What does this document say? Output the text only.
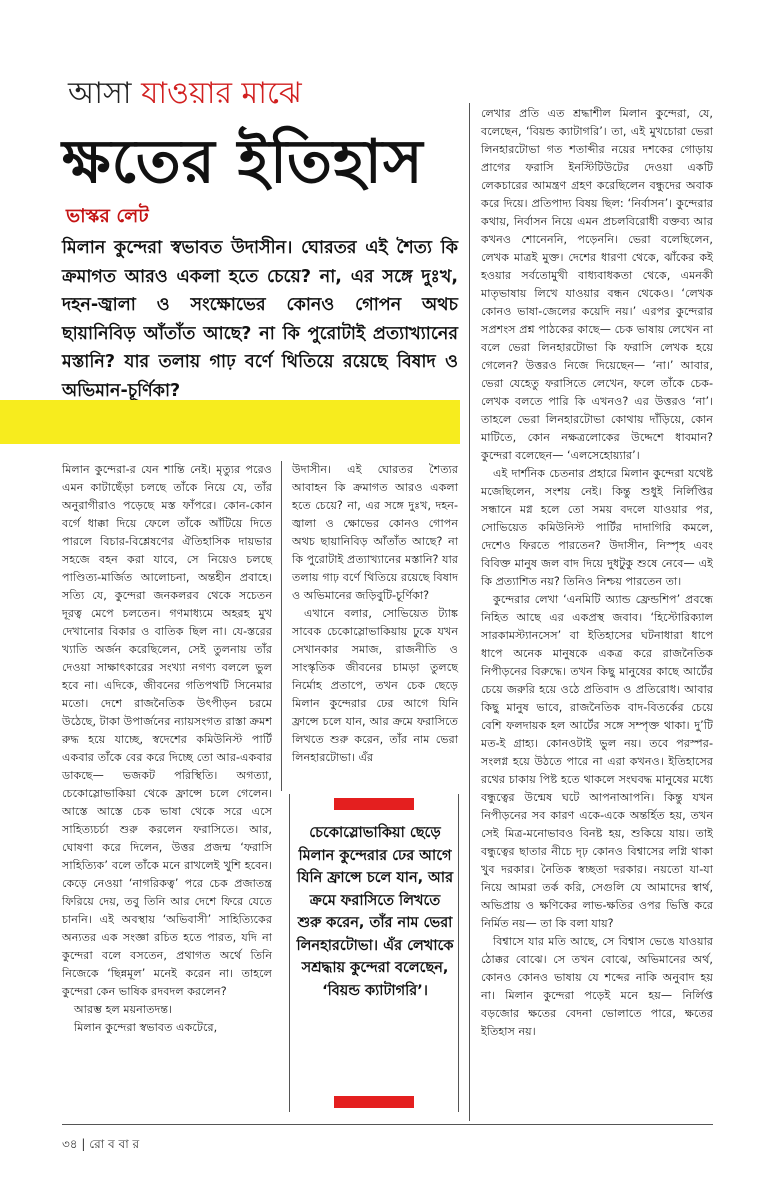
আসা যাওয়ার মাঝে
ক্ষতের ইতিহাস
ভাস্কর লেট
মিলান কুন্দেরা স্বভাবত উদাসীন। ঘোরতর এই শৈত্য কি ক্রমাগত আরও একলা হতে চেয়ে? না, এর সঙ্গে দুঃখ, দহন-জ্বালা ও সংক্ষোভের কোনও গোপন অথচ ছায়ানিবিড় আঁতাঁত আছে? না কি পুরোটাই প্রত্যাখ্যানের মস্তানি? যার তলায় গাঢ় বর্ণে থিতিয়ে রয়েছে বিষাদ ও অভিমান-চূর্ণিকা?

মিলান কুন্দেরা-র যেন শান্তি নেই। মৃত্যুর পরেও এমন কাটাছেঁড়া চলছে তাঁকে নিয়ে যে, তাঁর অনুরাগীরাও পড়েছে মস্ত ফাঁপরে। কোন-কোন বর্গে ধাক্কা দিয়ে ফেলে তাঁকে আঁটিয়ে দিতে পারলে বিচার-বিশ্লেষণের ঐতিহাসিক দায়ভার সহজে বহন করা যাবে, সে নিয়েও চলছে পাণ্ডিত্য-মার্জিত আলোচনা, অন্তহীন প্রবাহে। সত্যি যে, কুন্দেরা জনকলরব থেকে সচেতন দূরত্ব মেপে চলতেন। গণমাধ্যমে অহরহ মুখ দেখানোর বিকার ও বাতিক ছিল না। যে-স্তরের খ্যাতি অর্জন করেছিলেন, সেই তুলনায় তাঁর দেওয়া সাক্ষাৎকারের সংখ্যা নগণ্য বললে ভুল হবে না। এদিকে, জীবনের গতিপথটি সিনেমার মতো। দেশে রাজনৈতিক উৎপীড়ন চরমে উঠেছে, টাকা উপার্জনের ন্যায়সংগত রাস্তা ক্রমশ রুদ্ধ হয়ে যাচ্ছে, স্বদেশের কমিউনিস্ট পার্টি একবার তাঁকে বের করে দিচ্ছে তো আর-একবার ডাকছে— ভজকট পরিস্থিতি। অগত্যা, চেকোস্লোভাকিয়া থেকে ফ্রান্সে চলে গেলেন। আস্তে আস্তে চেক ভাষা থেকে সরে এসে সাহিত্যচর্চা শুরু করলেন ফরাসিতে। আর, ঘোষণা করে দিলেন, উত্তর প্রজন্ম ‘ফরাসি সাহিত্যিক’ বলে তাঁকে মনে রাখলেই খুশি হবেন। কেড়ে নেওয়া ‘নাগরিকত্ব’ পরে চেক প্রজাতন্ত্র ফিরিয়ে দেয়, তবু তিনি আর দেশে ফিরে যেতে চাননি। এই অবস্থায় ‘অভিবাসী’ সাহিত্যিকের অন্যতর এক সংজ্ঞা রচিত হতে পারত, যদি না কুন্দেরা বলে বসতেন, প্রথাগত অর্থে তিনি নিজেকে ‘ছিন্নমূল’ মনেই করেন না। তাহলে কুন্দেরা কেন ভাষিক রদবদল করলেন?

আরম্ভ হল ময়নাতদন্ত।

মিলান কুন্দেরা স্বভাবত একটেরে,

উদাসীন। এই ঘোরতর শৈত্যর আবাহন কি ক্রমাগত আরও একলা হতে চেয়ে? না, এর সঙ্গে দুঃখ, দহন-জ্বালা ও ক্ষোভের কোনও গোপন অথচ ছায়ানিবিড় আঁতাঁত আছে? না কি পুরোটাই প্রত্যাখ্যানের মস্তানি? যার তলায় গাঢ় বর্ণে থিতিয়ে রয়েছে বিষাদ ও অভিমানের জড়িবুটি-চূর্ণিকা?

এখানে বলার, সোভিয়েত ট্যাঙ্ক সাবেক চেকোস্লোভাকিয়ায় ঢুকে যখন সেখানকার সমাজ, রাজনীতি ও সাংস্কৃতিক জীবনের চামড়া তুলছে নির্মোহ প্রতাপে, তখন চেক ছেড়ে মিলান কুন্দেরার ঢের আগে যিনি ফ্রান্সে চলে যান, আর ক্রমে ফরাসিতে লিখতে শুরু করেন, তাঁর নাম ভেরা লিনহারটোভা। এঁর

চেকোস্লোভাকিয়া ছেড়ে মিলান কুন্দেরার ঢের আগে যিনি ফ্রান্সে চলে যান, আর ক্রমে ফরাসিতে লিখতে শুরু করেন, তাঁর নাম ভেরা লিনহারটোভা। এঁর লেখাকে সশ্রদ্ধায় কুন্দেরা বলেছেন, ‘বিয়ন্ড ক্যাটাগরি’।

লেখার প্রতি এত শ্রদ্ধাশীল মিলান কুন্দেরা, যে, বলেছেন, ‘বিয়ন্ড ক্যাটাগরি’। তা, এই মুখচোরা ভেরা লিনহারটোভা গত শতাব্দীর নয়ের দশকের গোড়ায় প্রাগের ফরাসি ইনস্টিটিউটের দেওয়া একটি লেকচারের আমন্ত্রণ গ্রহণ করেছিলেন বন্ধুদের অবাক করে দিয়ে। প্রতিপাদ্য বিষয় ছিল: ‘নির্বাসন’। কুন্দেরার কথায়, নির্বাসন নিয়ে এমন প্রচলবিরোধী বক্তব্য আর কখনও শোনেননি, পড়েননি। ভেরা বলেছিলেন, লেখক মাত্রই মুক্ত। দেশের ধারণা থেকে, ঝাঁকের কই হওয়ার সর্বতোমুখী বাধ্যবাধকতা থেকে, এমনকী মাতৃভাষায় লিখে যাওয়ার বন্ধন থেকেও। ‘লেখক কোনও ভাষা-জেলের কয়েদি নয়।’ এরপর কুন্দেরার সপ্রশংস প্রশ্ন পাঠকের কাছে— চেক ভাষায় লেখেন না বলে ভেরা লিনহারটোভা কি ফরাসি লেখক হয়ে গেলেন? উত্তরও নিজে দিয়েছেন— ‘না।’ আবার, ভেরা যেহেতু ফরাসিতে লেখেন, ফলে তাঁকে চেক-লেখক বলতে পারি কি এখনও? এর উত্তরও ‘না’। তাহলে ভেরা লিনহারটোভা কোথায় দাঁড়িয়ে, কোন মাটিতে, কোন নক্ষত্রলোকের উদ্দেশে ধাবমান? কুন্দেরা বলেছেন— ‘এলসেহোয়্যার’।

এই দার্শনিক চেতনার প্রহারে মিলান কুন্দেরা যথেষ্ট মজেছিলেন, সংশয় নেই। কিন্তু শুধুই নির্লিপ্তির সন্ধানে মগ্ন হলে তো সময় বদলে যাওয়ার পর, সোভিয়েত কমিউনিস্ট পার্টির দাদাগিরি কমলে, দেশেও ফিরতে পারতেন? উদাসীন, নিস্পৃহ এবং বিবিক্ত মানুষ জল বাদ দিয়ে দুধটুকু শুষে নেবে— এই কি প্রত্যাশিত নয়? তিনিও নিশ্চয় পারতেন তা।

কুন্দেরার লেখা ‘এনমিটি অ্যান্ড ফ্রেন্ডশিপ’ প্রবন্ধে নিহিত আছে এর একপ্রস্থ জবাব। ‘হিস্টোরিক্যাল সারকামস্ট্যানসেস’ বা ইতিহাসের ঘটনাধারা ধাপে ধাপে অনেক মানুষকে একত্র করে রাজনৈতিক নিপীড়নের বিরুদ্ধে। তখন কিছু মানুষের কাছে আর্টের চেয়ে জরুরি হয়ে ওঠে প্রতিবাদ ও প্রতিরোধ। আবার কিছু মানুষ ভাবে, রাজনৈতিক বাদ-বিতর্কের চেয়ে বেশি ফলদায়ক হল আর্টের সঙ্গে সম্পৃক্ত থাকা। দু’টি মত-ই গ্রাহ্য। কোনওটাই ভুল নয়। তবে পরস্পর-সংলগ্ন হয়ে উঠতে পারে না এরা কখনও। ইতিহাসের রথের চাকায় পিষ্ট হতে থাকলে সংঘবদ্ধ মানুষের মধ্যে বন্ধুত্বের উন্মেষ ঘটে আপনাআপনি। কিন্তু যখন নিপীড়নের সব কারণ একে-একে অন্তর্হিত হয়, তখন সেই মিত্র-মনোভাবও বিনষ্ট হয়, শুকিয়ে যায়। তাই বন্ধুত্বের ছাতার নীচে দৃঢ় কোনও বিশ্বাসের লগ্নি থাকা খুব দরকার। নৈতিক স্বচ্ছতা দরকার। নয়তো যা-যা নিয়ে আমরা তর্ক করি, সেগুলি যে আমাদের স্বার্থ, অভিপ্রায় ও ক্ষণিকের লাভ-ক্ষতির ওপর ভিত্তি করে নির্মিত নয়— তা কি বলা যায়?

বিশ্বাসে যার মতি আছে, সে বিশ্বাস ভেঙে যাওয়ার ঠোক্কর বোঝে। সে তখন বোঝে, অভিমানের অর্থ, কোনও কোনও ভাষায় যে শব্দের নাকি অনুবাদ হয় না। মিলান কুন্দেরা পড়েই মনে হয়— নির্লিপ্ত বড়জোর ক্ষতের বেদনা ভোলাতে পারে, ক্ষতের ইতিহাস নয়।

৩৪ | রো ব বা র
